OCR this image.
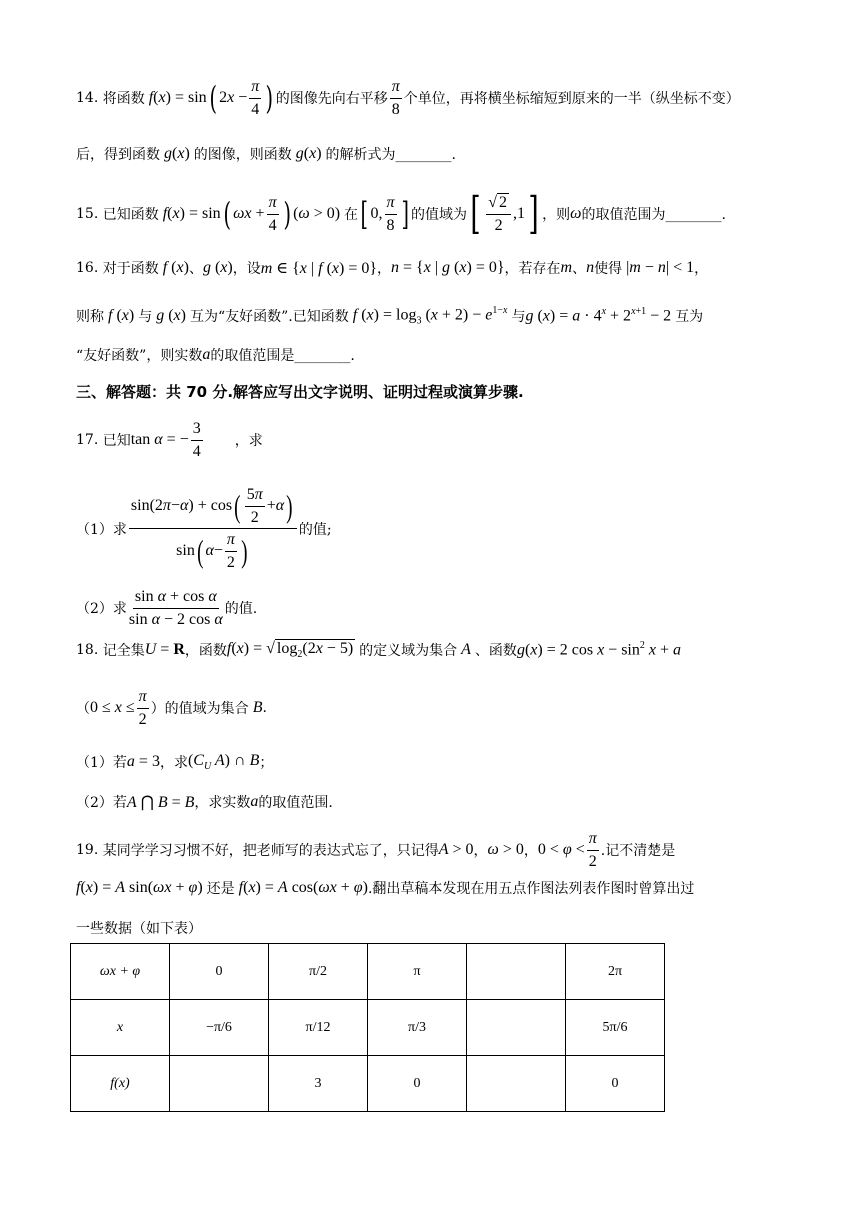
14.
将函数 f(x) = sin ( $2x - \frac{\pi}{4}$ ) 的图像先向右平移 $\frac{\pi}{8}$ 个单位，再将横坐标缩短到原来的一半（纵坐标不变）
后，得到函数 g(x) 的图像，则函数 g(x) 的解析式为________.
15.
已知函数 f(x) = sin ( $\omega x + \frac{\pi}{4}$ ) (ω > 0) 在 [ 0, $\frac{\pi}{8}$ ] 的值域为 [ $\frac{√ 2}{2} ,1$ ] ，则 ω 的取值范围为________.
16.
对于函数 f (x) 、 g (x) ，设 m ∈ {x | f (x) = 0} ， n = {x | g (x) = 0} ，若存在 m 、 n 使得 |m − n| < 1 ，
则称 f (x) 与 g (x) 互为“友好函数”.已知函数 f $(x) = \log_3 (x + 2) - e^{1-x}$ 与 g $(x) = a \cdot 4^x + 2^{x+1} - 2$ 互为
“友好函数”，则实数 a 的取值范围是________.
三、解答题：共 70 分.解答应写出文字说明、证明过程或演算步骤.
17.
已知 tan α = − $\frac{3}{4}$ ，求
（1）求 $\frac{\sin(2 \pi - \alpha ) + \cos ( \frac{5\pi}{2} + \alpha )}{\sin ( \alpha - \frac{\pi}{2} )}$ 的值;
（2）求 $\frac{\text{sin α + cos α}}{\text{sin α − 2 cos α}}$ 的值.
18.
记全集 U = R ，函数 f(x) = √ $\log_2(2x - 5)$ 的定义域为集合 A 、函数 g(x) = 2 $\cos x - \sin^2 x + a$
（ $0 \le x \le \frac{\pi}{2}$ ）的值域为集合 B .
（1）若 a = 3 ，求 ($C_U$ A) ∩ B ；
（2）若 A ⋂ B = B ，求实数 a 的取值范围.
19.
某同学学习习惯不好，把老师写的表达式忘了，只记得 A > 0 ， ω > 0 ， $0 < \varphi < \frac{\pi}{2}$ .记不清楚是
f(x) = A sin(ωx + φ) 还是 f(x) = A cos(ωx + φ) .翻出草稿本发现在用五点作图法列表作图时曾算出过
一些数据（如下表）
ωx + φ	0	π/2	π		2π
x	−π/6	π/12	π/3		5π/6
f(x)		3	0		0
